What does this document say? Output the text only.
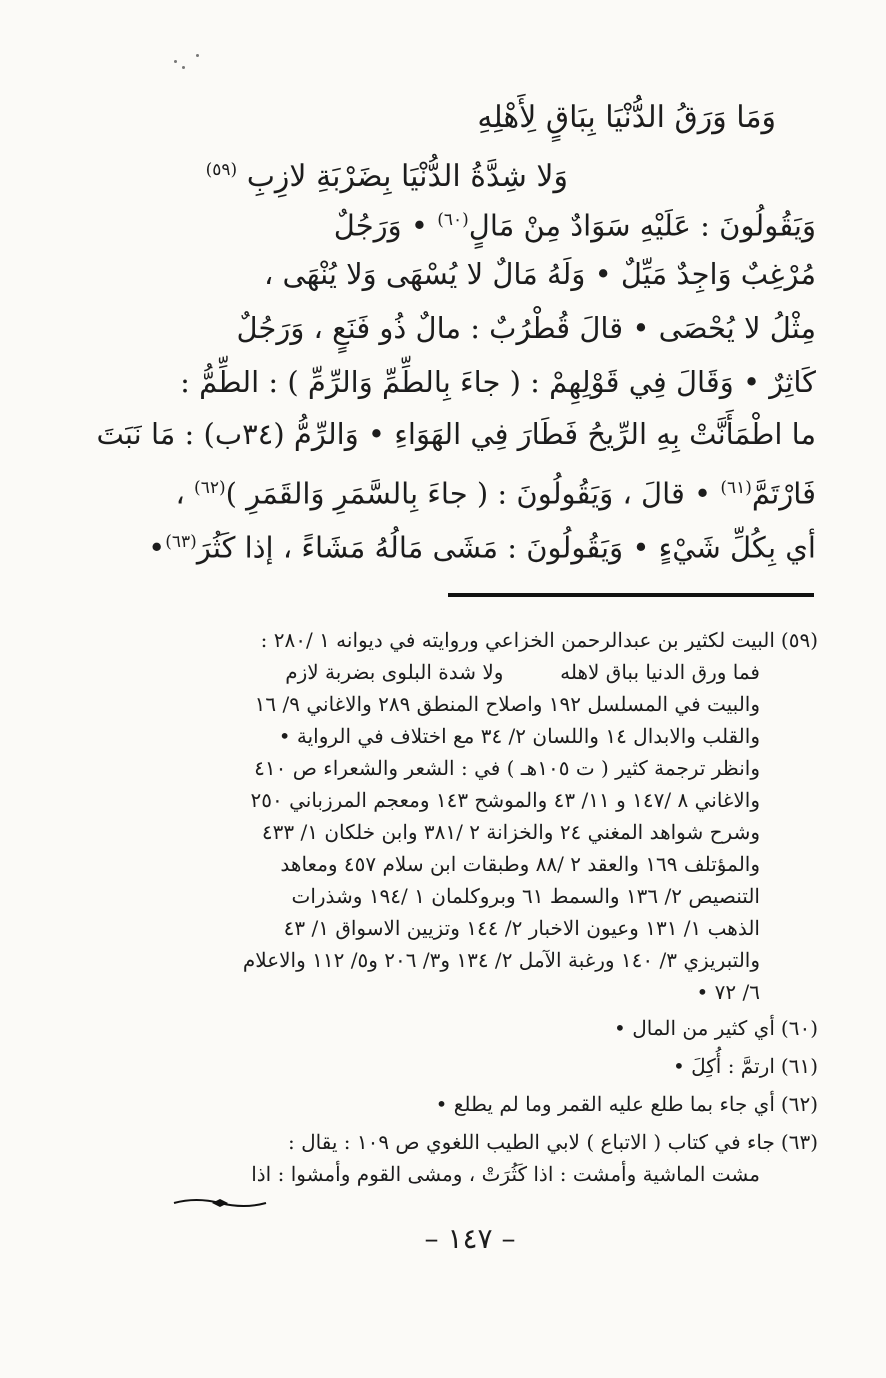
وَمَا وَرَقُ الدُّنْيَا بِبَاقٍ لِأَهْلِهِ
وَلا شِدَّةُ الدُّنْيَا بِضَرْبَةِ لازِبِ $^{(٥٩)}$
وَيَقُولُونَ : عَلَيْهِ سَوَادٌ مِنْ مَالٍ$^{(٦٠)}$ • وَرَجُلٌ
مُرْغِبٌ وَاجِدٌ مَيِّلٌ • وَلَهُ مَالٌ لا يُسْهَى وَلا يُنْهَى ،
مِثْلُ لا يُحْصَى • قالَ قُطْرُبٌ : مالٌ ذُو فَنَعٍ ، وَرَجُلٌ
كَاثِرٌ • وَقَالَ فِي قَوْلِهِمْ : ( جاءَ بِالطِّمِّ وَالرِّمِّ ) : الطِّمُّ :
ما اطْمَأَنَّتْ بِهِ الرِّيحُ فَطَارَ فِي الهَوَاءِ • وَالرِّمُّ (٣٤ب) : مَا نَبَتَ
فَارْتَمَّ$^{(٦١)}$ • قالَ ، وَيَقُولُونَ : ( جاءَ بِالسَّمَرِ وَالقَمَرِ )$^{(٦٢)}$ ،
أي بِكُلِّ شَيْءٍ • وَيَقُولُونَ : مَشَى مَالُهُ مَشَاءً ، إذا كَثُرَ$^{(٦٣)}$•
(٥٩)البيت لكثير بن عبدالرحمن الخزاعي وروايته في ديوانه ١ /٢٨٠ :
فما ورق الدنيا بباق لاهله  ولا شدة البلوى بضربة لازم
والبيت في المسلسل ١٩٢ واصلاح المنطق ٢٨٩ والاغاني ٩/ ١٦
والقلب والابدال ١٤ واللسان ٢/ ٣٤ مع اختلاف في الرواية •
وانظر ترجمة كثير ( ت ١٠٥هـ ) في : الشعر والشعراء ص ٤١٠
والاغاني ٨ /١٤٧ و ١١/ ٤٣ والموشح ١٤٣ ومعجم المرزباني ٢٥٠
وشرح شواهد المغني ٢٤ والخزانة ٢ /٣٨١ وابن خلكان ١/ ٤٣٣
والمؤتلف ١٦٩ والعقد ٢ /٨٨ وطبقات ابن سلام ٤٥٧ ومعاهد
التنصيص ٢/ ١٣٦ والسمط ٦١ وبروكلمان ١ /١٩٤ وشذرات
الذهب ١/ ١٣١ وعيون الاخبار ٢/ ١٤٤ وتزيين الاسواق ١/ ٤٣
والتبريزي ٣/ ١٤٠ ورغبة الآمل ٢/ ١٣٤ و٣/ ٢٠٦ و٥/ ١١٢ والاعلام
٦/ ٧٢ •
(٦٠)أي كثير من المال •
(٦١)ارتمَّ : أُكِلَ •
(٦٢)أي جاء بما طلع عليه القمر وما لم يطلع •
(٦٣)جاء في كتاب ( الاتباع ) لابي الطيب اللغوي ص ١٠٩ : يقال :
مشت الماشية وأمشت : اذا كَثُرَتْ ، ومشى القوم وأمشوا : اذا
– ١٤٧ –
